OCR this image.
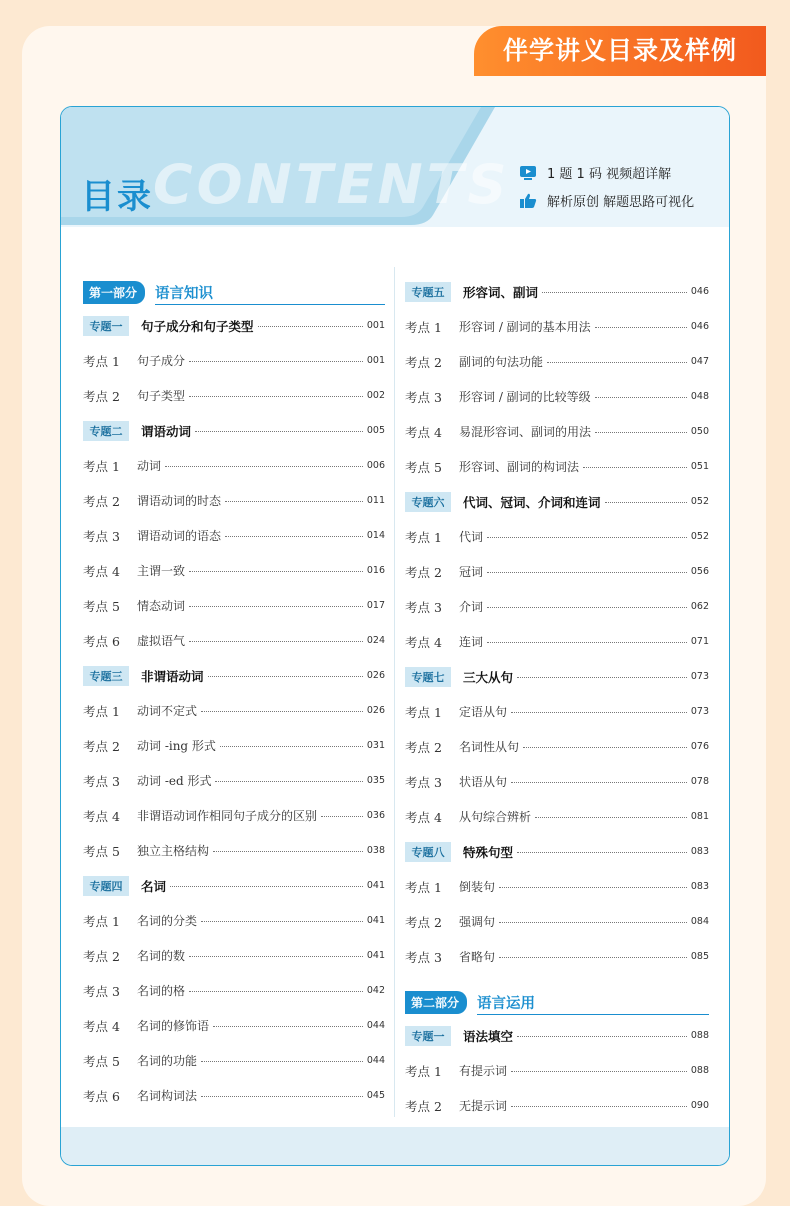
伴学讲义目录及样例
CONTENTS
目录
1 题 1 码 视频超详解
解析原创 解题思路可视化
第一部分	语言知识
专题一	句子成分和句子类型	001
考点 1	句子成分	001
考点 2	句子类型	002
专题二	谓语动词	005
考点 1	动词	006
考点 2	谓语动词的时态	011
考点 3	谓语动词的语态	014
考点 4	主谓一致	016
考点 5	情态动词	017
考点 6	虚拟语气	024
专题三	非谓语动词	026
考点 1	动词不定式	026
考点 2	动词 -ing 形式	031
考点 3	动词 -ed 形式	035
考点 4	非谓语动词作相同句子成分的区别	036
考点 5	独立主格结构	038
专题四	名词	041
考点 1	名词的分类	041
考点 2	名词的数	041
考点 3	名词的格	042
考点 4	名词的修饰语	044
考点 5	名词的功能	044
考点 6	名词构词法	045
专题五	形容词、副词	046
考点 1	形容词 / 副词的基本用法	046
考点 2	副词的句法功能	047
考点 3	形容词 / 副词的比较等级	048
考点 4	易混形容词、副词的用法	050
考点 5	形容词、副词的构词法	051
专题六	代词、冠词、介词和连词	052
考点 1	代词	052
考点 2	冠词	056
考点 3	介词	062
考点 4	连词	071
专题七	三大从句	073
考点 1	定语从句	073
考点 2	名词性从句	076
考点 3	状语从句	078
考点 4	从句综合辨析	081
专题八	特殊句型	083
考点 1	倒装句	083
考点 2	强调句	084
考点 3	省略句	085
第二部分	语言运用
专题一	语法填空	088
考点 1	有提示词	088
考点 2	无提示词	090
